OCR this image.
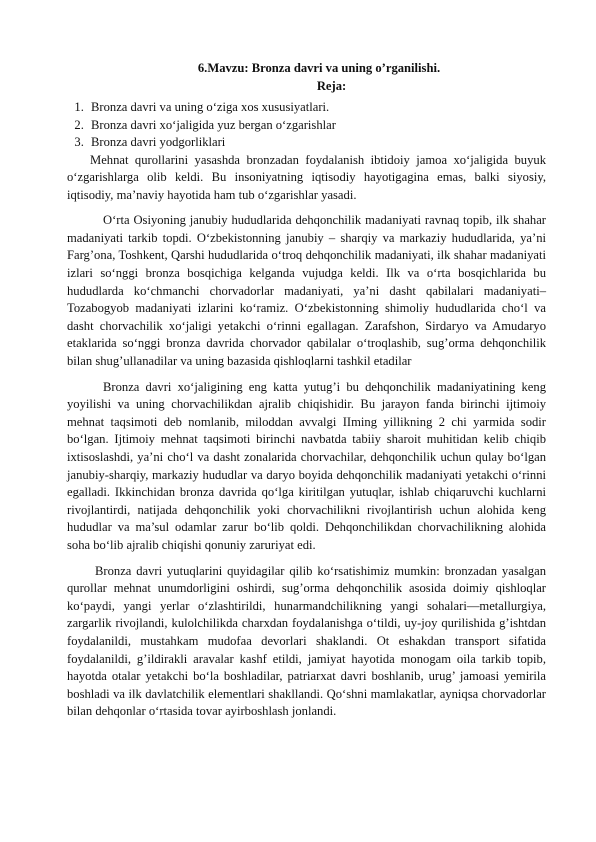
6.Mavzu: Bronza davri va uning o’rganilishi.
Reja:
1. Bronza davri va uning o‘ziga xos xususiyatlari.
2. Bronza davri xo‘jaligida yuz bergan o‘zgarishlar
3. Bronza davri yodgorliklari

Mehnat qurollarini yasashda bronzadan foydalanish ibtidoiy jamoa xo‘jaligida buyuk o‘zgarishlarga olib keldi. Bu insoniyatning iqtisodiy hayotigagina emas, balki siyosiy, iqtisodiy, ma’naviy hayotida ham tub o‘zgarishlar yasadi.

O‘rta Osiyoning janubiy hududlarida dehqonchilik madaniyati ravnaq topib, ilk shahar madaniyati tarkib topdi. O‘zbekistonning janubiy – sharqiy va markaziy hududlarida, ya’ni Farg’ona, Toshkent, Qarshi hududlarida o‘troq dehqonchilik madaniyati, ilk shahar madaniyati izlari so‘nggi bronza bosqichiga kelganda vujudga keldi. Ilk va o‘rta bosqichlarida bu hududlarda ko‘chmanchi chorvadorlar madaniyati, ya’ni dasht qabilalari madaniyati–Tozabogyob madaniyati izlarini ko‘ramiz. O‘zbekistonning shimoliy hududlarida cho‘l va dasht chorvachilik xo‘jaligi yetakchi o‘rinni egallagan. Zarafshon, Sirdaryo va Amudaryo etaklarida so‘nggi bronza davrida chorvador qabilalar o‘troqlashib, sug’orma dehqonchilik bilan shug’ullanadilar va uning bazasida qishloqlarni tashkil etadilar

Bronza davri xo‘jaligining eng katta yutug’i bu dehqonchilik madaniyatining keng yoyilishi va uning chorvachilikdan ajralib chiqishidir. Bu jarayon fanda birinchi ijtimoiy mehnat taqsimoti deb nomlanib, miloddan avvalgi IIming yillikning 2 chi yarmida sodir bo‘lgan. Ijtimoiy mehnat taqsimoti birinchi navbatda tabiiy sharoit muhitidan kelib chiqib ixtisoslashdi, ya’ni cho‘l va dasht zonalarida chorvachilar, dehqonchilik uchun qulay bo‘lgan janubiy-sharqiy, markaziy hududlar va daryo boyida dehqonchilik madaniyati yetakchi o‘rinni egalladi. Ikkinchidan bronza davrida qo‘lga kiritilgan yutuqlar, ishlab chiqaruvchi kuchlarni rivojlantirdi, natijada dehqonchilik yoki chorvachilikni rivojlantirish uchun alohida keng hududlar va ma’sul odamlar zarur bo‘lib qoldi. Dehqonchilikdan chorvachilikning alohida soha bo‘lib ajralib chiqishi qonuniy zaruriyat edi.

Bronza davri yutuqlarini quyidagilar qilib ko‘rsatishimiz mumkin: bronzadan yasalgan qurollar mehnat unumdorligini oshirdi, sug’orma dehqonchilik asosida doimiy qishloqlar ko‘paydi, yangi yerlar o‘zlashtirildi, hunarmandchilikning yangi sohalari—metallurgiya, zargarlik rivojlandi, kulolchilikda charxdan foydalanishga o‘tildi, uy-joy qurilishida g’ishtdan foydalanildi, mustahkam mudofaa devorlari shaklandi. Ot eshakdan transport sifatida foydalanildi, g’ildirakli aravalar kashf etildi, jamiyat hayotida monogam oila tarkib topib, hayotda otalar yetakchi bo‘la boshladilar, patriarxat davri boshlanib, urug’ jamoasi yemirila boshladi va ilk davlatchilik elementlari shakllandi. Qo‘shni mamlakatlar, ayniqsa chorvadorlar bilan dehqonlar o‘rtasida tovar ayirboshlash jonlandi.
